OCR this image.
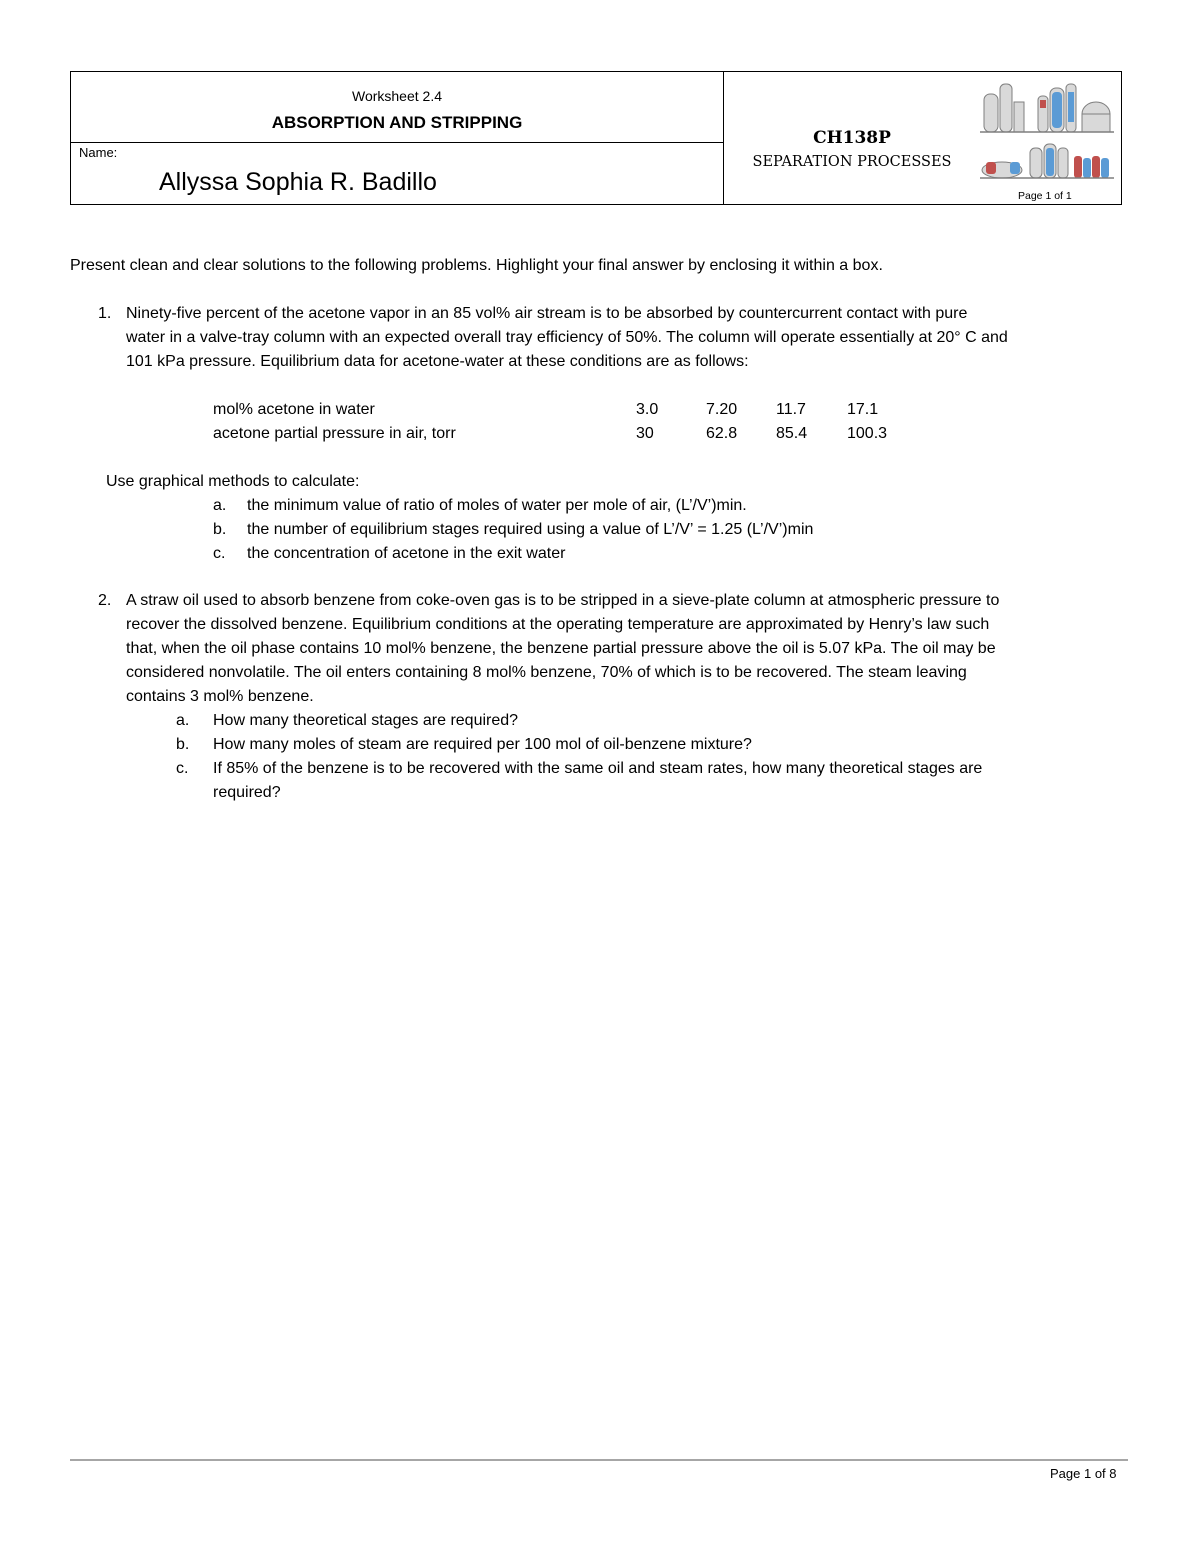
Worksheet 2.4
ABSORPTION AND STRIPPING
Name:
Allyssa Sophia R. Badillo
CH138P
SEPARATION PROCESSES
Page 1 of 1
Present clean and clear solutions to the following problems. Highlight your final answer by enclosing it within a box.
1. Ninety-five percent of the acetone vapor in an 85 vol% air stream is to be absorbed by countercurrent contact with pure
water in a valve-tray column with an expected overall tray efficiency of 50%. The column will operate essentially at 20° C and
101 kPa pressure. Equilibrium data for acetone-water at these conditions are as follows:
mol% acetone in water	3.0	7.20 11.7	17.1
acetone partial pressure in air, torr	30	62.8 85.4 100.3
Use graphical methods to calculate:
a. the minimum value of ratio of moles of water per mole of air, (L’/V’)min.
b. the number of equilibrium stages required using a value of L’/V’ = 1.25 (L’/V’)min
c. the concentration of acetone in the exit water
2. A straw oil used to absorb benzene from coke-oven gas is to be stripped in a sieve-plate column at atmospheric pressure to
recover the dissolved benzene. Equilibrium conditions at the operating temperature are approximated by Henry’s law such
that, when the oil phase contains 10 mol% benzene, the benzene partial pressure above the oil is 5.07 kPa. The oil may be
considered nonvolatile. The oil enters containing 8 mol% benzene, 70% of which is to be recovered. The steam leaving
contains 3 mol% benzene.
a. How many theoretical stages are required?
b. How many moles of steam are required per 100 mol of oil-benzene mixture?
c. If 85% of the benzene is to be recovered with the same oil and steam rates, how many theoretical stages are
required?
Page 1 of 8
